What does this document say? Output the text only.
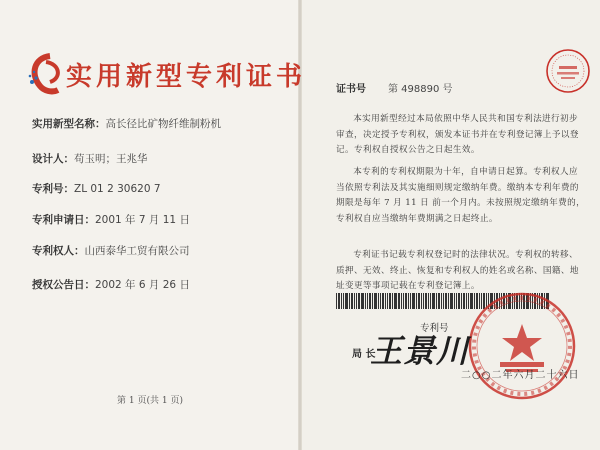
实用新型专利证书
实用新型名称：高长径比矿物纤维制粉机
设计人：苟玉明；王兆华
专利号：ZL 01 2 30620 7
专利申请日：2001 年 7 月 11 日
专利权人：山西泰华工贸有限公司
授权公告日：2002 年 6 月 26 日
第 1 页(共 1 页)
证书号 第 498890 号
本实用新型经过本局依照中华人民共和国专利法进行初步审查，决定授予专利权，颁发本证书并在专利登记簿上予以登记。专利权自授权公告之日起生效。
本专利的专利权期限为十年，自申请日起算。专利权人应当依照专利法及其实施细则规定缴纳年费。缴纳本专利年费的期限是每年 7 月 11 日 前一个月内。未按照规定缴纳年费的，专利权自应当缴纳年费期满之日起终止。
专利证书记载专利权登记时的法律状况。专利权的转移、质押、无效、终止、恢复和专利权人的姓名或名称、国籍、地址变更等事项记载在专利登记簿上。
专利号
局 长
王景川
二○○二年六月二十六日
